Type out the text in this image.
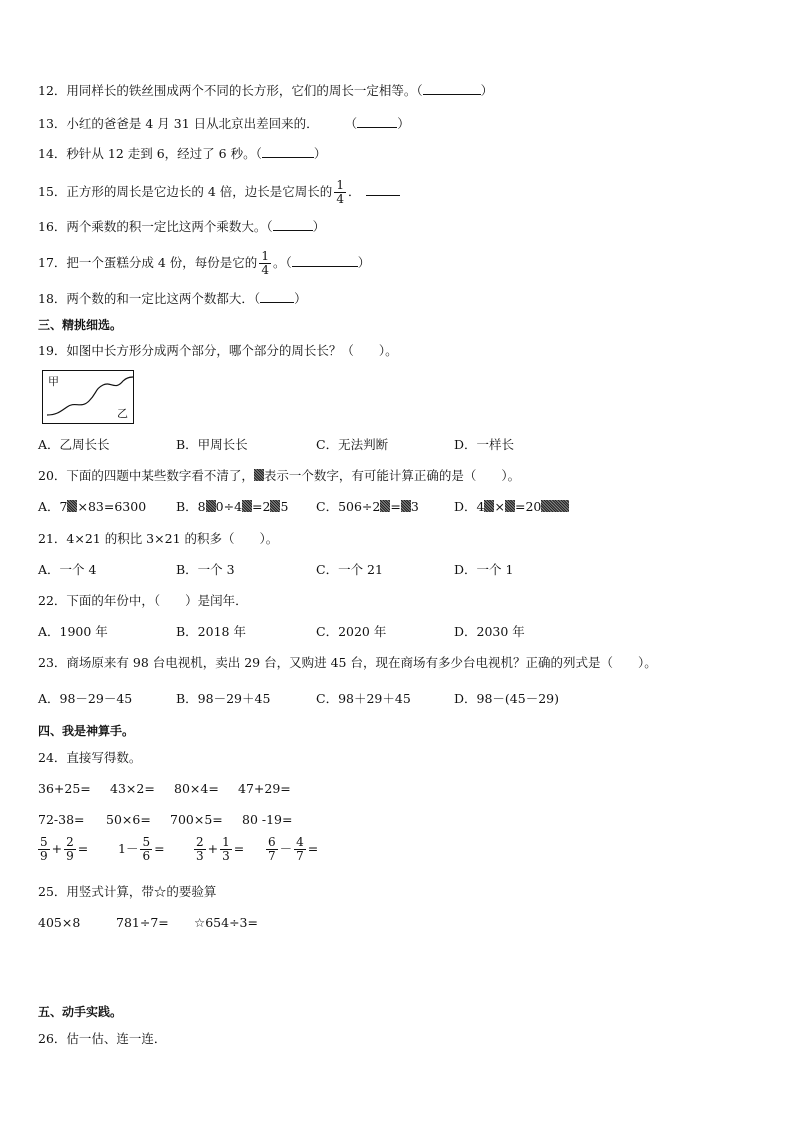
12．用同样长的铁丝围成两个不同的长方形，它们的周长一定相等。（	）
13．小红的爸爸是 4 月 31 日从北京出差回来的． （	）
14．秒针从 12 走到 6，经过了 6 秒。（	）
15．正方形的周长是它边长的 4 倍，边长是它周长的 $\frac{1}{4}$ ．
16．两个乘数的积一定比这两个乘数大。（	）
17．把一个蛋糕分成 4 份，每份是它的 $\frac{1}{4}$ 。（	）
18．两个数的和一定比这两个数都大．（	）
三、精挑细选。
19．如图中长方形分成两个部分，哪个部分的周长长？（　　）。
甲
乙
A．乙周长长	B．甲周长长	C．无法判断	D．一样长
20．下面的四题中某些数字看不清了， 表示一个数字，有可能计算正确的是（　　）。
A．7 ×83=6300 B．8 0÷4 =2 5 C．506÷2 = 3	D．4 × =20
21．4×21 的积比 3×21 的积多（　　）。
A．一个 4	B．一个 3	C．一个 21	D．一个 1
22．下面的年份中，（　　）是闰年．
A．1900 年	B．2018 年	C．2020 年	D．2030 年
23．商场原来有 98 台电视机，卖出 29 台，又购进 45 台，现在商场有多少台电视机？正确的列式是（　　）。
A．98－29－45	B．98－29＋45	C．98＋29＋45	D．98－(45－29)
四、我是神算手。
24．直接写得数。
36+25= 43×2= 80×4= 47+29=
72-38= 50×6= 700×5= 80 -19=
$\frac{5}{9} + \frac{2}{9} = 1- \frac{5}{6} = \frac{2}{3} + \frac{1}{3} = \frac{6}{7} - \frac{4}{7}$ =
25．用竖式计算，带☆的要验算
405×8	781÷7= ☆654÷3=
五、动手实践。
26．估一估、连一连．
